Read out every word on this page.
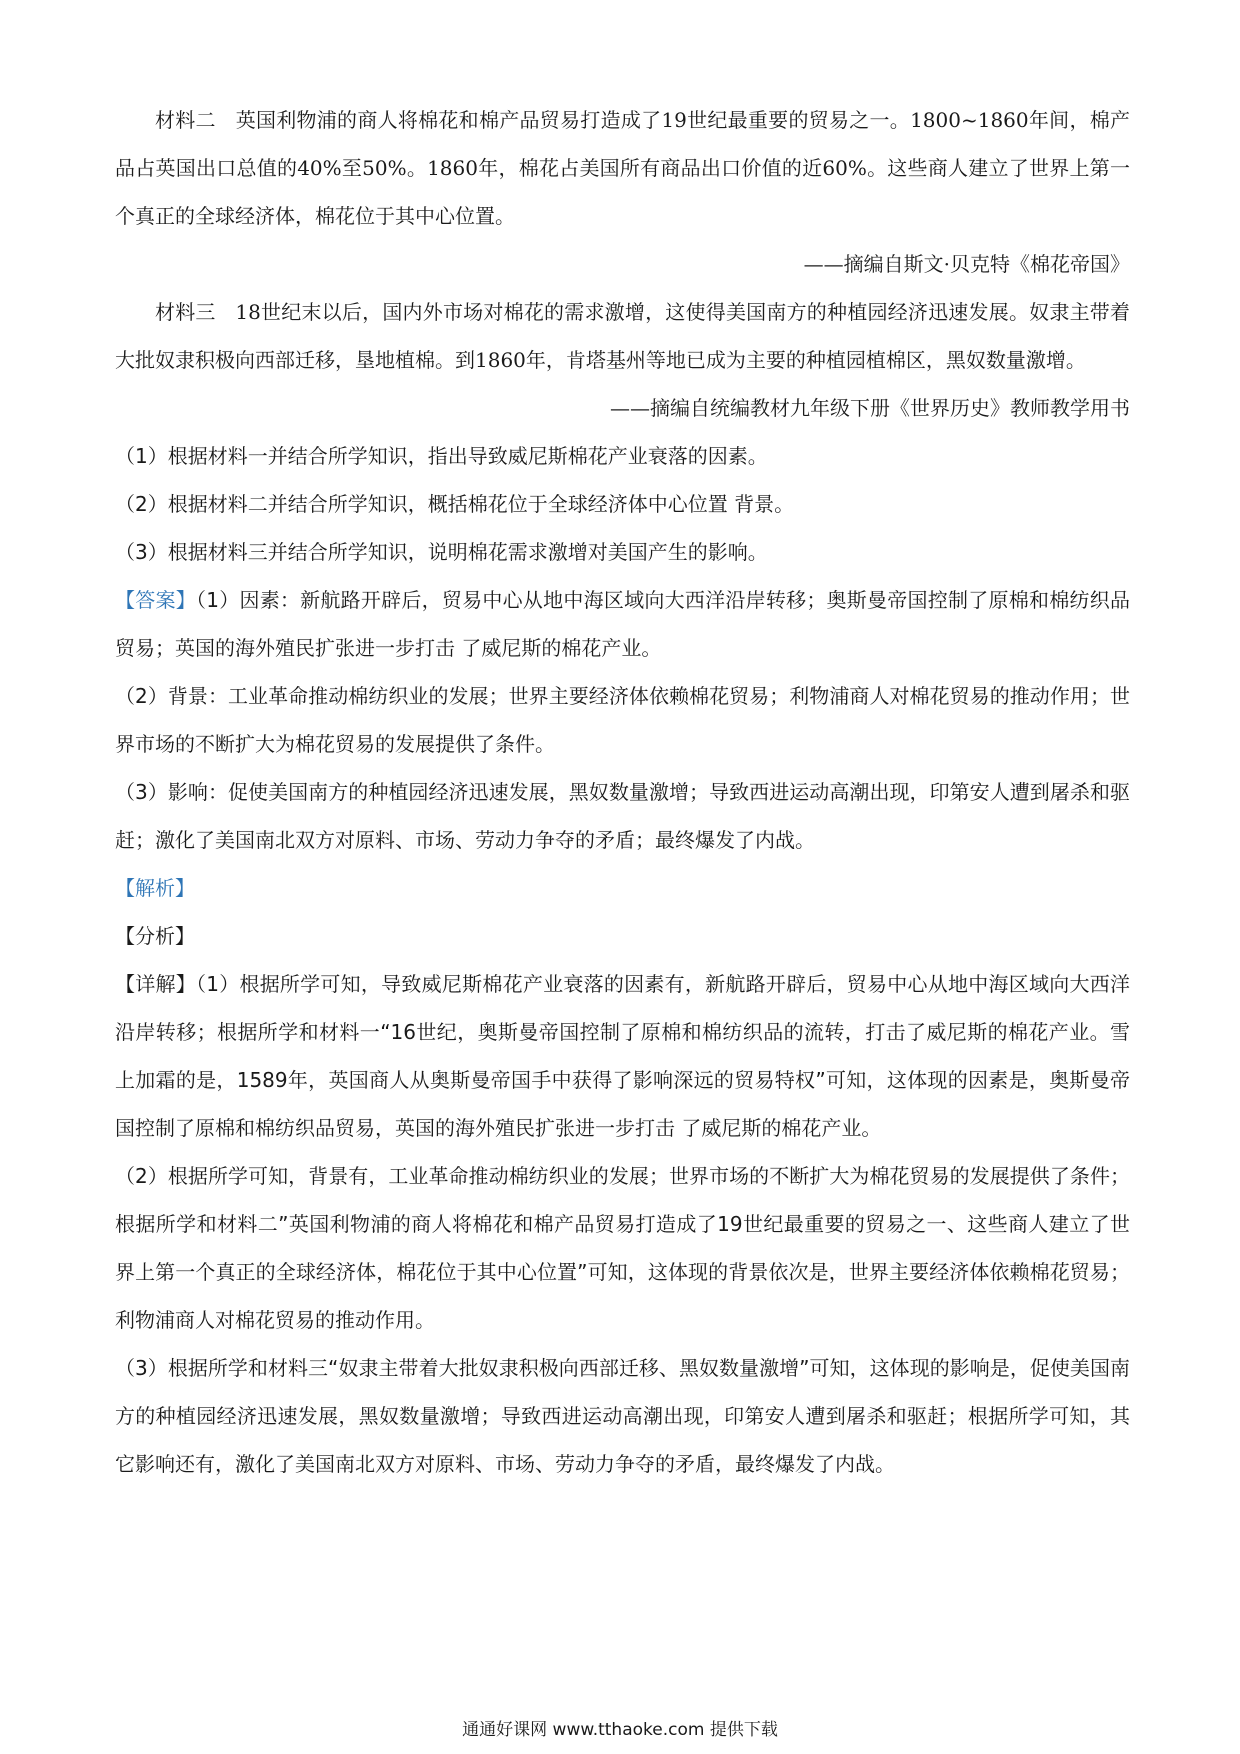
材料二 英国利物浦的商人将棉花和棉产品贸易打造成了19世纪最重要的贸易之一。1800~1860年间，棉产品占英国出口总值的40%至50%。1860年，棉花占美国所有商品出口价值的近60%。这些商人建立了世界上第一个真正的全球经济体，棉花位于其中心位置。

——摘编自斯文·贝克特《棉花帝国》

材料三 18世纪末以后，国内外市场对棉花的需求激增，这使得美国南方的种植园经济迅速发展。奴隶主带着大批奴隶积极向西部迁移，垦地植棉。到1860年，肯塔基州等地已成为主要的种植园植棉区，黑奴数量激增。

——摘编自统编教材九年级下册《世界历史》教师教学用书

（1）根据材料一并结合所学知识，指出导致威尼斯棉花产业衰落的因素。

（2）根据材料二并结合所学知识，概括棉花位于全球经济体中心位置 背景。

（3）根据材料三并结合所学知识，说明棉花需求激增对美国产生的影响。

【答案】（1）因素：新航路开辟后，贸易中心从地中海区域向大西洋沿岸转移；奥斯曼帝国控制了原棉和棉纺织品贸易；英国的海外殖民扩张进一步打击 了威尼斯的棉花产业。

（2）背景：工业革命推动棉纺织业的发展；世界主要经济体依赖棉花贸易；利物浦商人对棉花贸易的推动作用；世界市场的不断扩大为棉花贸易的发展提供了条件。

（3）影响：促使美国南方的种植园经济迅速发展，黑奴数量激增；导致西进运动高潮出现，印第安人遭到屠杀和驱赶；激化了美国南北双方对原料、市场、劳动力争夺的矛盾；最终爆发了内战。

【解析】

【分析】

【详解】（1）根据所学可知，导致威尼斯棉花产业衰落的因素有，新航路开辟后，贸易中心从地中海区域向大西洋沿岸转移；根据所学和材料一“16世纪，奥斯曼帝国控制了原棉和棉纺织品的流转，打击了威尼斯的棉花产业。雪上加霜的是，1589年，英国商人从奥斯曼帝国手中获得了影响深远的贸易特权”可知，这体现的因素是，奥斯曼帝国控制了原棉和棉纺织品贸易，英国的海外殖民扩张进一步打击 了威尼斯的棉花产业。

（2）根据所学可知，背景有，工业革命推动棉纺织业的发展；世界市场的不断扩大为棉花贸易的发展提供了条件；根据所学和材料二”英国利物浦的商人将棉花和棉产品贸易打造成了19世纪最重要的贸易之一、这些商人建立了世界上第一个真正的全球经济体，棉花位于其中心位置”可知，这体现的背景依次是，世界主要经济体依赖棉花贸易；利物浦商人对棉花贸易的推动作用。

（3）根据所学和材料三“奴隶主带着大批奴隶积极向西部迁移、黑奴数量激增”可知，这体现的影响是，促使美国南方的种植园经济迅速发展，黑奴数量激增；导致西进运动高潮出现，印第安人遭到屠杀和驱赶；根据所学可知，其它影响还有，激化了美国南北双方对原料、市场、劳动力争夺的矛盾，最终爆发了内战。

通通好课网 www.tthaoke.com 提供下载
